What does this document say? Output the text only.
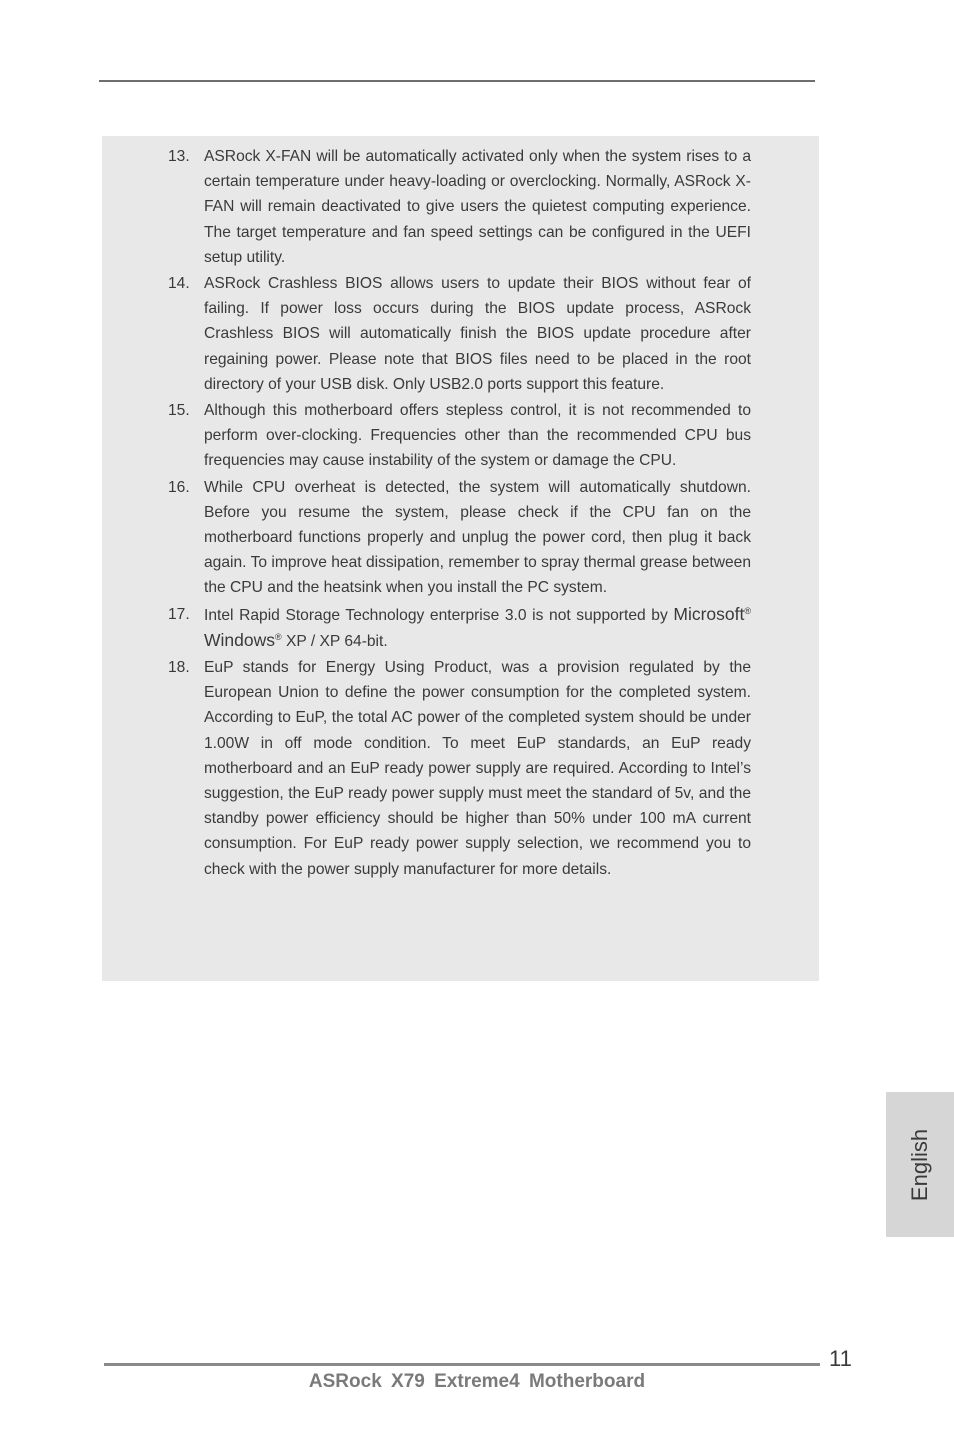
13. ASRock X-FAN will be automatically activated only when the system rises to a certain temperature under heavy-loading or overclocking. Normally, ASRock X-FAN will remain deactivated to give users the quietest computing experience. The target temperature and fan speed settings can be configured in the UEFI setup utility.
14. ASRock Crashless BIOS allows users to update their BIOS without fear of failing. If power loss occurs during the BIOS update process, ASRock Crashless BIOS will automatically finish the BIOS update procedure after regaining power. Please note that BIOS files need to be placed in the root directory of your USB disk. Only USB2.0 ports support this feature.
15. Although this motherboard offers stepless control, it is not recommended to perform over-clocking. Frequencies other than the recommended CPU bus frequencies may cause instability of the system or damage the CPU.
16. While CPU overheat is detected, the system will automatically shutdown. Before you resume the system, please check if the CPU fan on the motherboard functions properly and unplug the power cord, then plug it back again. To improve heat dissipation, remember to spray thermal grease between the CPU and the heatsink when you install the PC system.
17. Intel Rapid Storage Technology enterprise 3.0 is not supported by Microsoft® Windows® XP / XP 64-bit.
18. EuP stands for Energy Using Product, was a provision regulated by the European Union to define the power consumption for the completed system. According to EuP, the total AC power of the completed system should be under 1.00W in off mode condition. To meet EuP standards, an EuP ready motherboard and an EuP ready power supply are required. According to Intel’s suggestion, the EuP ready power supply must meet the standard of 5v, and the standby power efficiency should be higher than 50% under 100 mA current consumption. For EuP ready power supply selection, we recommend you to check with the power supply manufacturer for more details.
English
11
ASRock X79 Extreme4 Motherboard
